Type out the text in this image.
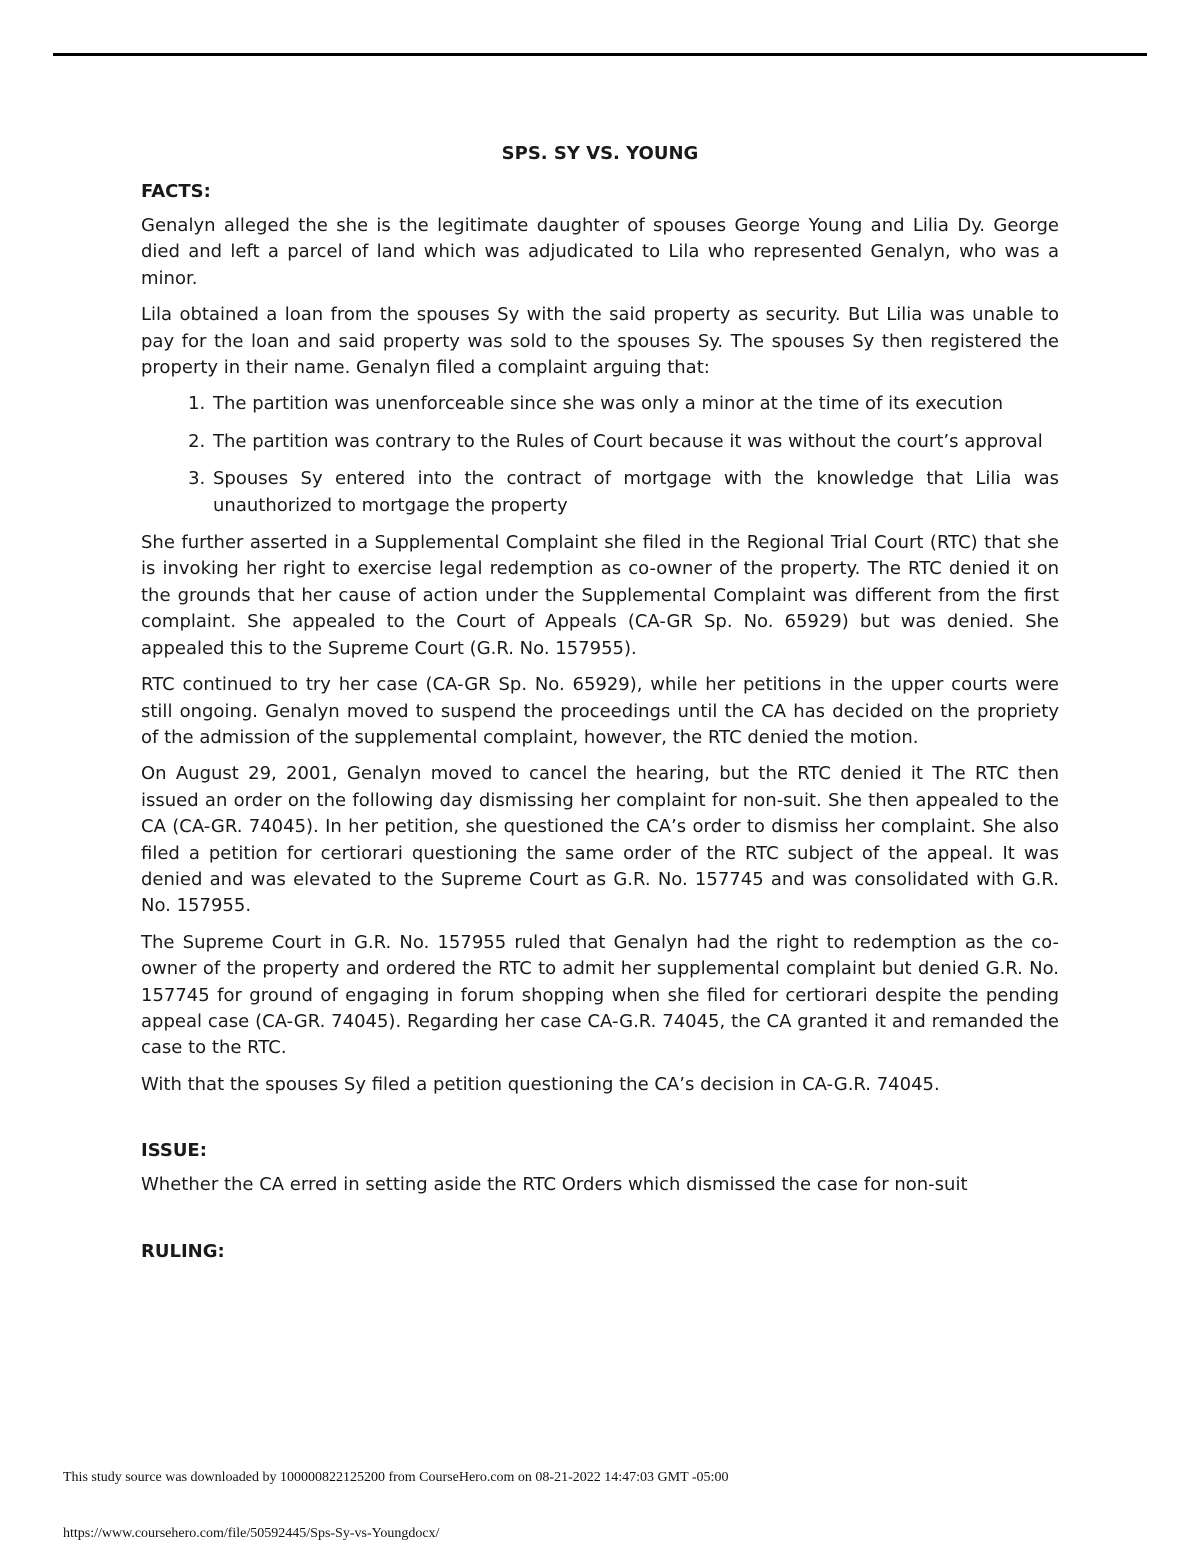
SPS. SY VS. YOUNG
FACTS:

Genalyn alleged the she is the legitimate daughter of spouses George Young and Lilia Dy. George died and left a parcel of land which was adjudicated to Lila who represented Genalyn, who was a minor.

Lila obtained a loan from the spouses Sy with the said property as security. But Lilia was unable to pay for the loan and said property was sold to the spouses Sy. The spouses Sy then registered the property in their name. Genalyn filed a complaint arguing that:

1. The partition was unenforceable since she was only a minor at the time of its execution
2. The partition was contrary to the Rules of Court because it was without the court’s approval
3. Spouses Sy entered into the contract of mortgage with the knowledge that Lilia was unauthorized to mortgage the property

She further asserted in a Supplemental Complaint she filed in the Regional Trial Court (RTC) that she is invoking her right to exercise legal redemption as co-owner of the property. The RTC denied it on the grounds that her cause of action under the Supplemental Complaint was different from the first complaint. She appealed to the Court of Appeals (CA-GR Sp. No. 65929) but was denied. She appealed this to the Supreme Court (G.R. No. 157955).

RTC continued to try her case (CA-GR Sp. No. 65929), while her petitions in the upper courts were still ongoing. Genalyn moved to suspend the proceedings until the CA has decided on the propriety of the admission of the supplemental complaint, however, the RTC denied the motion.

On August 29, 2001, Genalyn moved to cancel the hearing, but the RTC denied it The RTC then issued an order on the following day dismissing her complaint for non-suit. She then appealed to the CA (CA-GR. 74045). In her petition, she questioned the CA’s order to dismiss her complaint. She also filed a petition for certiorari questioning the same order of the RTC subject of the appeal. It was denied and was elevated to the Supreme Court as G.R. No. 157745 and was consolidated with G.R. No. 157955.

The Supreme Court in G.R. No. 157955 ruled that Genalyn had the right to redemption as the co-owner of the property and ordered the RTC to admit her supplemental complaint but denied G.R. No. 157745 for ground of engaging in forum shopping when she filed for certiorari despite the pending appeal case (CA-GR. 74045). Regarding her case CA-G.R. 74045, the CA granted it and remanded the case to the RTC.

With that the spouses Sy filed a petition questioning the CA’s decision in CA-G.R. 74045.

ISSUE:

Whether the CA erred in setting aside the RTC Orders which dismissed the case for non-suit

RULING:
This study source was downloaded by 100000822125200 from CourseHero.com on 08-21-2022 14:47:03 GMT -05:00
https://www.coursehero.com/file/50592445/Sps-Sy-vs-Youngdocx/
